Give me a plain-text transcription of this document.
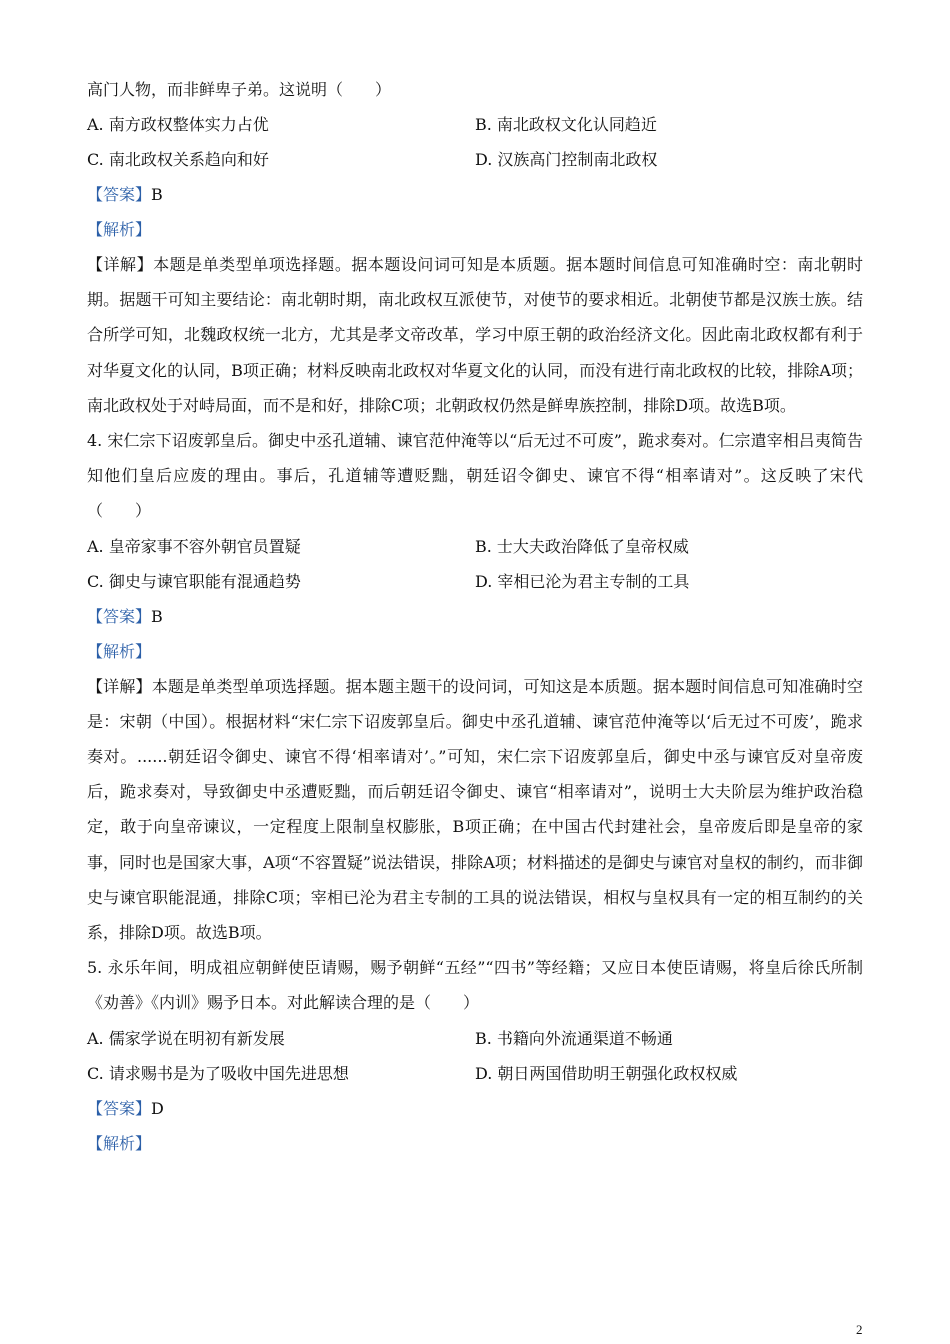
高门人物，而非鲜卑子弟。这说明（　　）
A. 南方政权整体实力占优	B. 南北政权文化认同趋近
C. 南北政权关系趋向和好	D. 汉族高门控制南北政权
【答案】B
【解析】
【详解】本题是单类型单项选择题。据本题设问词可知是本质题。据本题时间信息可知准确时空：南北朝时期。据题干可知主要结论：南北朝时期，南北政权互派使节，对使节的要求相近。北朝使节都是汉族士族。结合所学可知，北魏政权统一北方，尤其是孝文帝改革，学习中原王朝的政治经济文化。因此南北政权都有利于对华夏文化的认同，B项正确；材料反映南北政权对华夏文化的认同，而没有进行南北政权的比较，排除A项；南北政权处于对峙局面，而不是和好，排除C项；北朝政权仍然是鲜卑族控制，排除D项。故选B项。
4. 宋仁宗下诏废郭皇后。御史中丞孔道辅、谏官范仲淹等以“后无过不可废”，跪求奏对。仁宗遣宰相吕夷简告知他们皇后应废的理由。事后，孔道辅等遭贬黜，朝廷诏令御史、谏官不得“相率请对”。这反映了宋代（　　）
A. 皇帝家事不容外朝官员置疑	B. 士大夫政治降低了皇帝权威
C. 御史与谏官职能有混通趋势	D. 宰相已沦为君主专制的工具
【答案】B
【解析】
【详解】本题是单类型单项选择题。据本题主题干的设问词，可知这是本质题。据本题时间信息可知准确时空是：宋朝（中国）。根据材料“宋仁宗下诏废郭皇后。御史中丞孔道辅、谏官范仲淹等以‘后无过不可废’，跪求奏对。......朝廷诏令御史、谏官不得‘相率请对’。”可知，宋仁宗下诏废郭皇后，御史中丞与谏官反对皇帝废后，跪求奏对，导致御史中丞遭贬黜，而后朝廷诏令御史、谏官“相率请对”，说明士大夫阶层为维护政治稳定，敢于向皇帝谏议，一定程度上限制皇权膨胀，B项正确；在中国古代封建社会，皇帝废后即是皇帝的家事，同时也是国家大事，A项“不容置疑”说法错误，排除A项；材料描述的是御史与谏官对皇权的制约，而非御史与谏官职能混通，排除C项；宰相已沦为君主专制的工具的说法错误，相权与皇权具有一定的相互制约的关系，排除D项。故选B项。
5. 永乐年间，明成祖应朝鲜使臣请赐，赐予朝鲜“五经”“四书”等经籍；又应日本使臣请赐，将皇后徐氏所制《劝善》《内训》赐予日本。对此解读合理的是（　　）
A. 儒家学说在明初有新发展	B. 书籍向外流通渠道不畅通
C. 请求赐书是为了吸收中国先进思想	D. 朝日两国借助明王朝强化政权权威
【答案】D
【解析】
2
